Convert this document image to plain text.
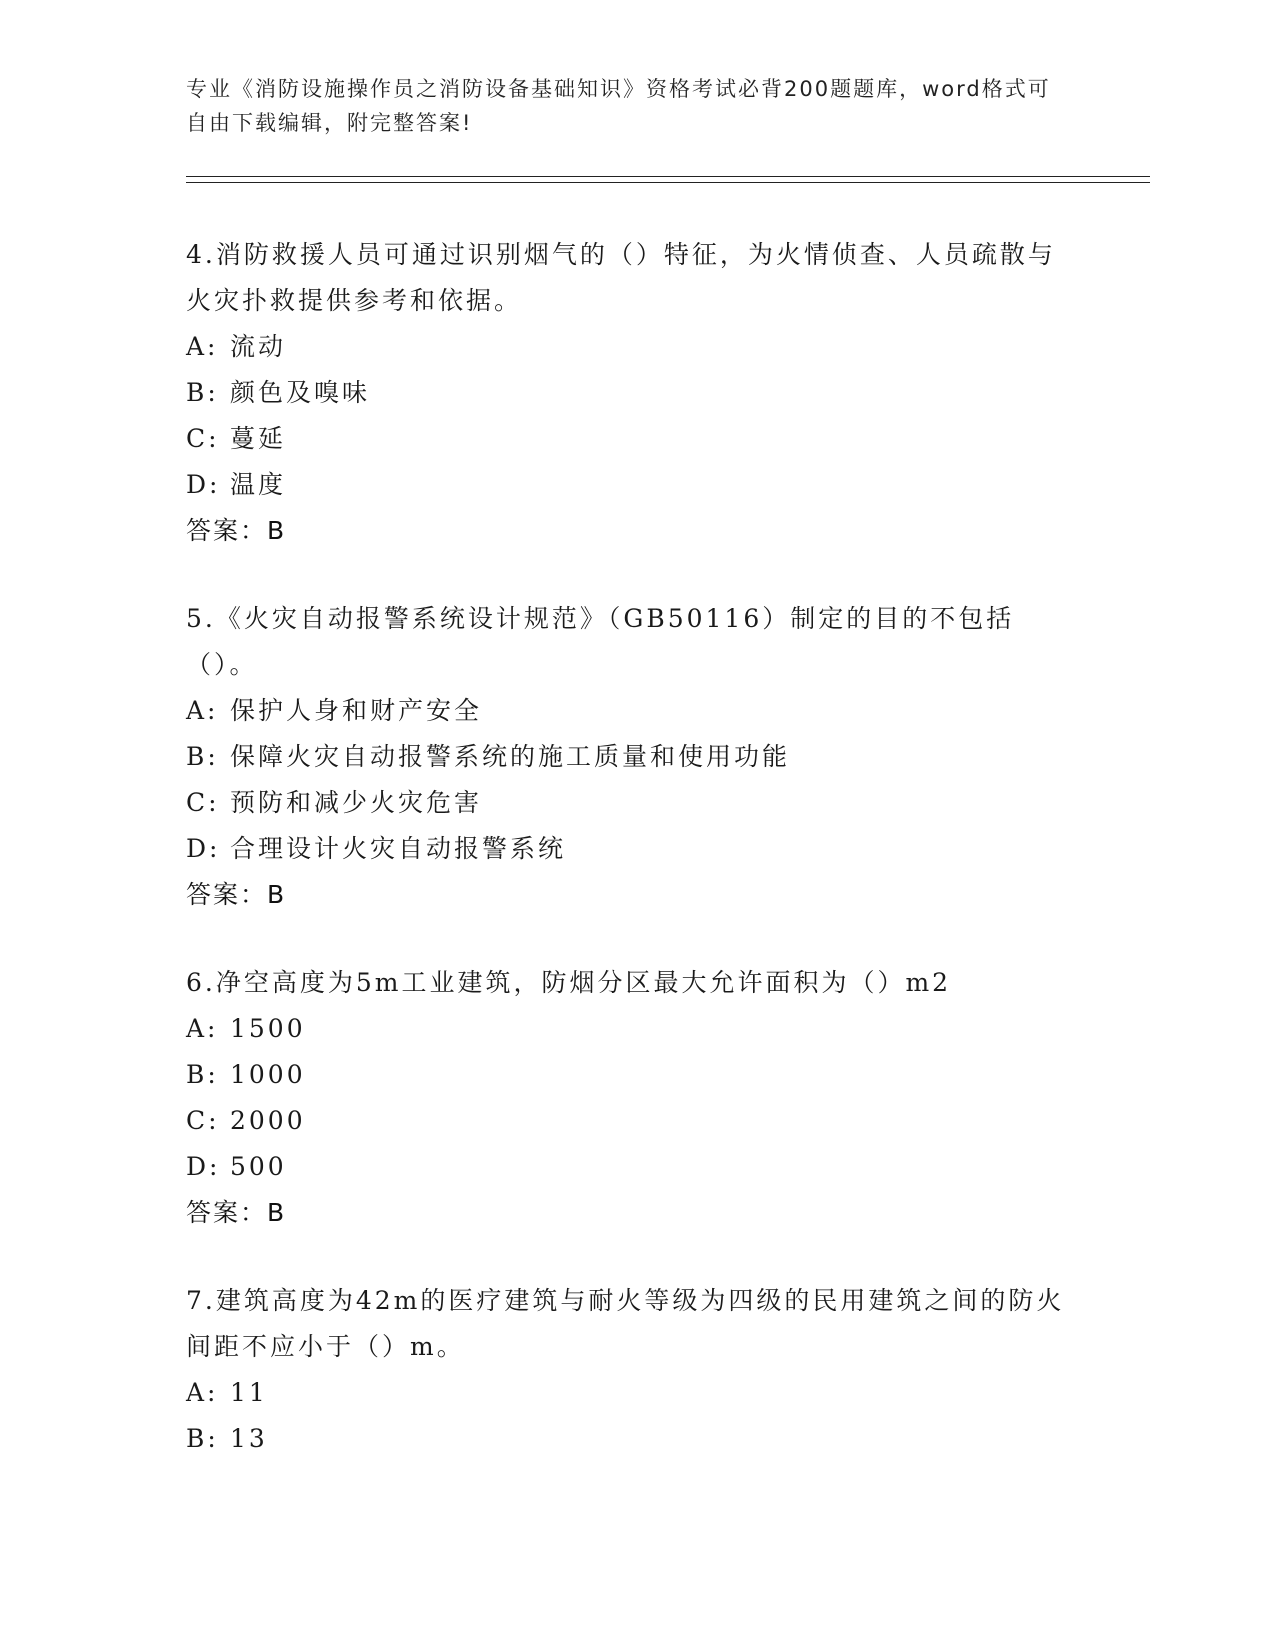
专业《消防设施操作员之消防设备基础知识》资格考试必背200题题库，word格式可自由下载编辑，附完整答案!

4.消防救援人员可通过识别烟气的（）特征，为火情侦查、人员疏散与火灾扑救提供参考和依据。

A: 流动

B: 颜色及嗅味

C: 蔓延

D: 温度

答案：B

5.《火灾自动报警系统设计规范》（GB50116）制定的目的不包括（）。

A: 保护人身和财产安全

B: 保障火灾自动报警系统的施工质量和使用功能

C: 预防和减少火灾危害

D: 合理设计火灾自动报警系统

答案：B

6.净空高度为5m工业建筑，防烟分区最大允许面积为（）m2

A: 1500

B: 1000

C: 2000

D: 500

答案：B

7.建筑高度为42m的医疗建筑与耐火等级为四级的民用建筑之间的防火间距不应小于（）m。

A: 11

B: 13
